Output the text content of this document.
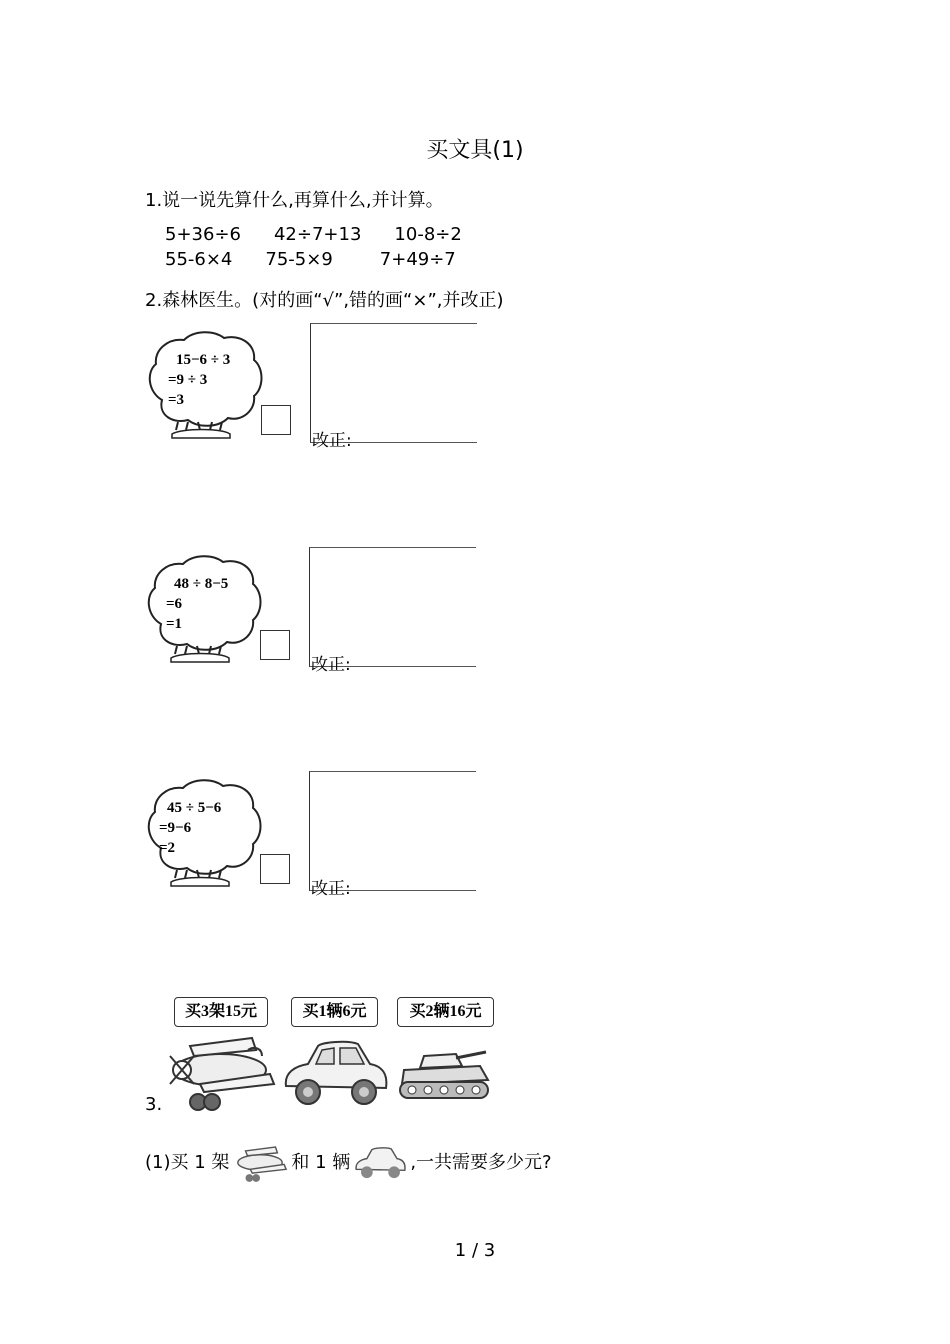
买文具(1)
1.说一说先算什么,再算什么,并计算。
5+36÷6 42÷7+13 10-8÷2
55-6×4 75-5×9	7+49÷7
2.森林医生。(对的画“√”,错的画“×”,并改正)
15−6 ÷ 3
=9 ÷ 3
=3
改正:
48 ÷ 8−5
=6
=1
改正:
45 ÷ 5−6
=9−6
=2
改正:
买3架15元	买1辆6元	买2辆16元
3.
(1)买 1 架	和 1 辆	,一共需要多少元?
1 / 3
